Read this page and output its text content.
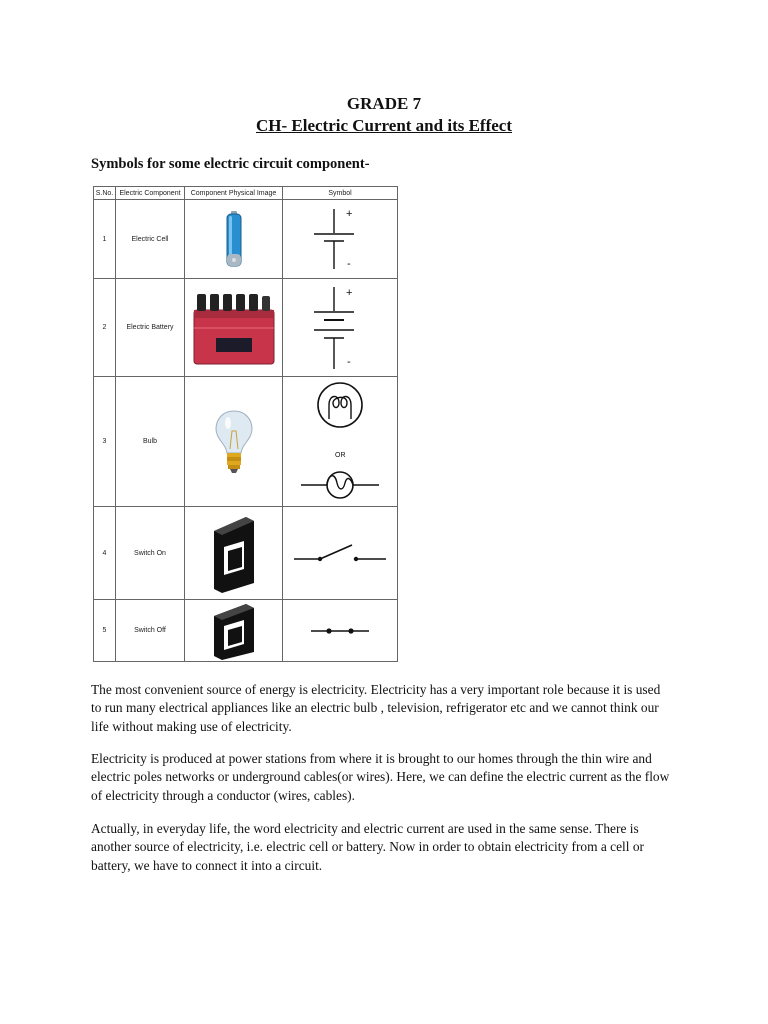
GRADE 7
CH- Electric Current and its Effect
Symbols for some electric circuit component-
S.No.	Electric Component	Component Physical Image	Symbol
1	Electric Cell		+
-

2	Electric Battery		+
-

3	Bulb		OR

4	Switch On	

5	Switch Off	

The most convenient source of energy is electricity. Electricity has a very important role because it is used to run many electrical appliances like an electric bulb , television, refrigerator etc and we cannot think our life without making use of electricity.

Electricity is produced at power stations from where it is brought to our homes through the thin wire and electric poles networks or underground cables(or wires). Here, we can define the electric current as the flow of electricity through a conductor (wires, cables).

Actually, in everyday life, the word electricity and electric current are used in the same sense. There is another source of electricity, i.e. electric cell or battery. Now in order to obtain electricity from a cell or battery, we have to connect it into a circuit.
